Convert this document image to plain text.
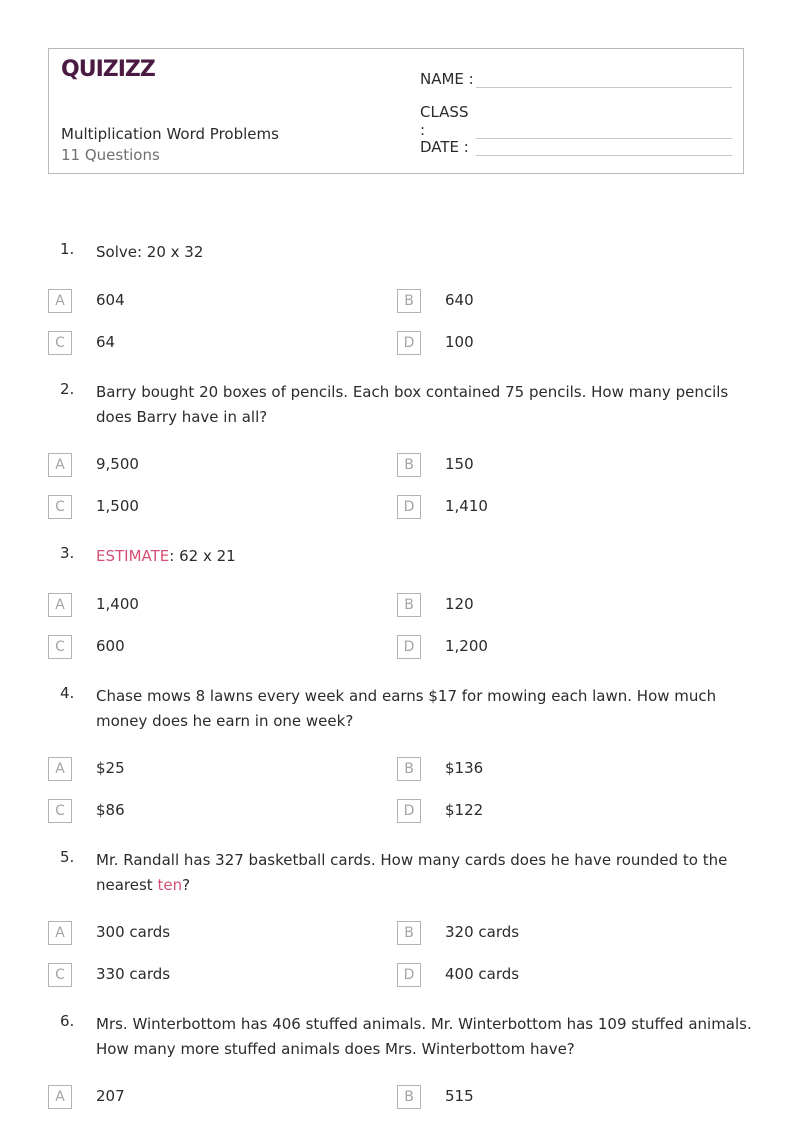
QUIZIZZ
Multiplication Word Problems
11 Questions
NAME :
CLASS :
DATE :
1. Solve: 20 x 32
A	604	B	640
C	64	D	100
2. Barry bought 20 boxes of pencils. Each box contained 75 pencils. How many pencils does Barry have in all?
A	9,500	B	150
C	1,500	D	1,410
3. ESTIMATE: 62 x 21
A	1,400	B	120
C	600	D	1,200
4. Chase mows 8 lawns every week and earns $17 for mowing each lawn. How much money does he earn in one week?
A	$25	B	$136
C	$86	D	$122
5. Mr. Randall has 327 basketball cards. How many cards does he have rounded to the nearest ten?
A	300 cards	B	320 cards
C	330 cards	D	400 cards
6. Mrs. Winterbottom has 406 stuffed animals. Mr. Winterbottom has 109 stuffed animals. How many more stuffed animals does Mrs. Winterbottom have?
A	207	B	515
